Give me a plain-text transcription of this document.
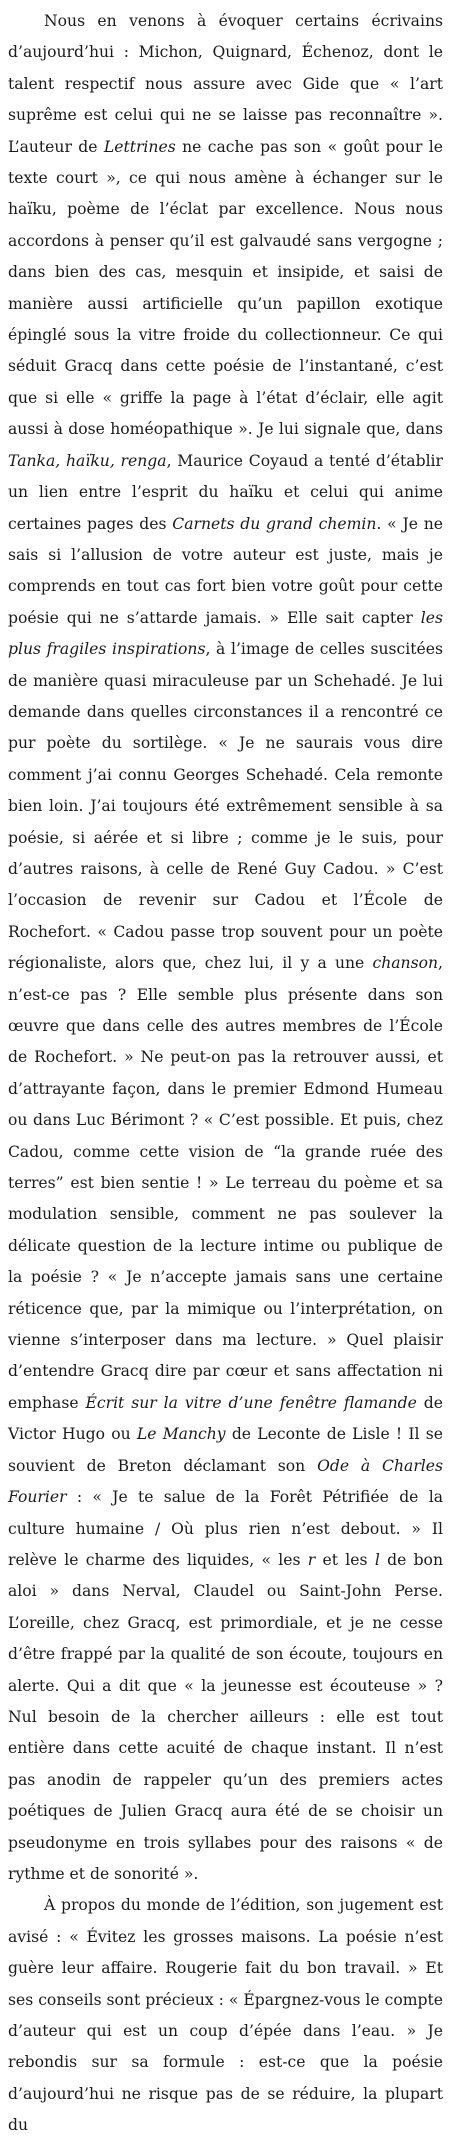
Nous en venons à évoquer certains écrivains d’aujourd’hui : Michon, Quignard, Échenoz, dont le talent respectif nous assure avec Gide que « l’art suprême est celui qui ne se laisse pas reconnaître ». L’auteur de Lettrines ne cache pas son « goût pour le texte court », ce qui nous amène à échanger sur le haïku, poème de l’éclat par excellence. Nous nous accordons à penser qu’il est galvaudé sans vergogne ; dans bien des cas, mesquin et insipide, et saisi de manière aussi artificielle qu’un papillon exotique épinglé sous la vitre froide du collectionneur. Ce qui séduit Gracq dans cette poésie de l’instantané, c’est que si elle « griffe la page à l’état d’éclair, elle agit aussi à dose homéopathique ». Je lui signale que, dans Tanka, haïku, renga, Maurice Coyaud a tenté d’établir un lien entre l’esprit du haïku et celui qui anime certaines pages des Carnets du grand chemin. « Je ne sais si l’allusion de votre auteur est juste, mais je comprends en tout cas fort bien votre goût pour cette poésie qui ne s’attarde jamais. » Elle sait capter les plus fragiles inspirations, à l’image de celles suscitées de manière quasi miraculeuse par un Schehadé. Je lui demande dans quelles circonstances il a rencontré ce pur poète du sortilège. « Je ne saurais vous dire comment j’ai connu Georges Schehadé. Cela remonte bien loin. J’ai toujours été extrêmement sensible à sa poésie, si aérée et si libre ; comme je le suis, pour d’autres raisons, à celle de René Guy Cadou. » C’est l’occasion de revenir sur Cadou et l’École de Rochefort. « Cadou passe trop souvent pour un poète régionaliste, alors que, chez lui, il y a une chanson, n’est-ce pas ? Elle semble plus présente dans son œuvre que dans celle des autres membres de l’École de Rochefort. » Ne peut-on pas la retrouver aussi, et d’attrayante façon, dans le premier Edmond Humeau ou dans Luc Bérimont ? « C’est possible. Et puis, chez Cadou, comme cette vision de “la grande ruée des terres” est bien sentie ! » Le terreau du poème et sa modulation sensible, comment ne pas soulever la délicate question de la lecture intime ou publique de la poésie ? « Je n’accepte jamais sans une certaine réticence que, par la mimique ou l’interprétation, on vienne s’interposer dans ma lecture. » Quel plaisir d’entendre Gracq dire par cœur et sans affectation ni emphase Écrit sur la vitre d’une fenêtre flamande de Victor Hugo ou Le Manchy de Leconte de Lisle ! Il se souvient de Breton déclamant son Ode à Charles Fourier : « Je te salue de la Forêt Pétrifiée de la culture humaine / Où plus rien n’est debout. » Il relève le charme des liquides, « les r et les l de bon aloi » dans Nerval, Claudel ou Saint-John Perse. L’oreille, chez Gracq, est primordiale, et je ne cesse d’être frappé par la qualité de son écoute, toujours en alerte. Qui a dit que « la jeunesse est écouteuse » ? Nul besoin de la chercher ailleurs : elle est tout entière dans cette acuité de chaque instant. Il n’est pas anodin de rappeler qu’un des premiers actes poétiques de Julien Gracq aura été de se choisir un pseudonyme en trois syllabes pour des raisons « de rythme et de sonorité ».

À propos du monde de l’édition, son jugement est avisé : « Évitez les grosses maisons. La poésie n’est guère leur affaire. Rougerie fait du bon travail. » Et ses conseils sont précieux : « Épargnez-vous le compte d’auteur qui est un coup d’épée dans l’eau. » Je rebondis sur sa formule : est-ce que la poésie d’aujourd’hui ne risque pas de se réduire, la plupart du
